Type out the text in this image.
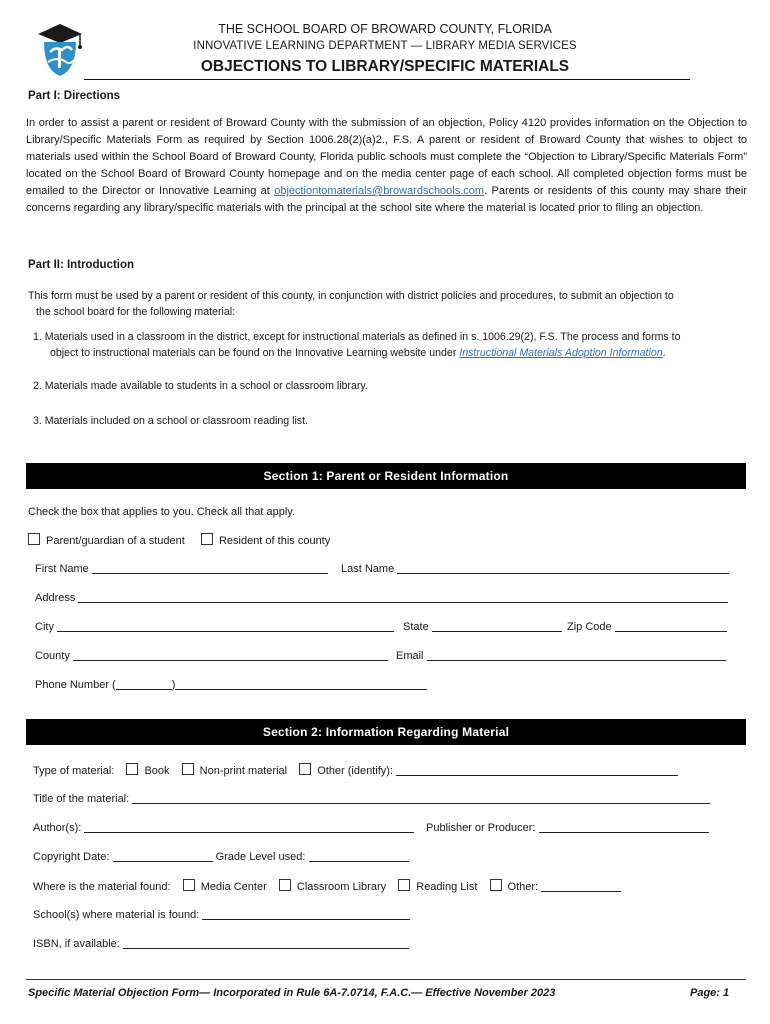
THE SCHOOL BOARD OF BROWARD COUNTY, FLORIDA
INNOVATIVE LEARNING DEPARTMENT — LIBRARY MEDIA SERVICES
OBJECTIONS TO LIBRARY/SPECIFIC MATERIALS
Part I: Directions
In order to assist a parent or resident of Broward County with the submission of an objection, Policy 4120 provides information on the Objection to Library/Specific Materials Form as required by Section 1006.28(2)(a)2., F.S. A parent or resident of Broward County that wishes to object to materials used within the School Board of Broward County, Florida public schools must complete the “Objection to Library/Specific Materials Form” located on the School Board of Broward County homepage and on the media center page of each school. All completed objection forms must be emailed to the Director or Innovative Learning at objectiontomaterials@browardschools.com. Parents or residents of this county may share their concerns regarding any library/specific materials with the principal at the school site where the material is located prior to filing an objection.
Part II: Introduction
This form must be used by a parent or resident of this county, in conjunction with district policies and procedures, to submit an objection to
the school board for the following material:
1. Materials used in a classroom in the district, except for instructional materials as defined in s. 1006.29(2), F.S. The process and forms to
object to instructional materials can be found on the Innovative Learning website under Instructional Materials Adoption Information.
2. Materials made available to students in a school or classroom library.
3. Materials included on a school or classroom reading list.
Section 1: Parent or Resident Information
Check the box that applies to you. Check all that apply.
Parent/guardian of a student	Resident of this county
First Name	Last Name
Address
City	State	Zip Code
County	Email
Phone Number (	)
Section 2: Information Regarding Material
Type of material:	Book	Non-print material	Other (identify):
Title of the material:
Author(s):	Publisher or Producer:
Copyright Date:	Grade Level used:
Where is the material found:	Media Center	Classroom Library	Reading List	Other:
School(s) where material is found:
ISBN, if available:
Specific Material Objection Form— Incorporated in Rule 6A-7.0714, F.A.C.— Effective November 2023	Page: 1
